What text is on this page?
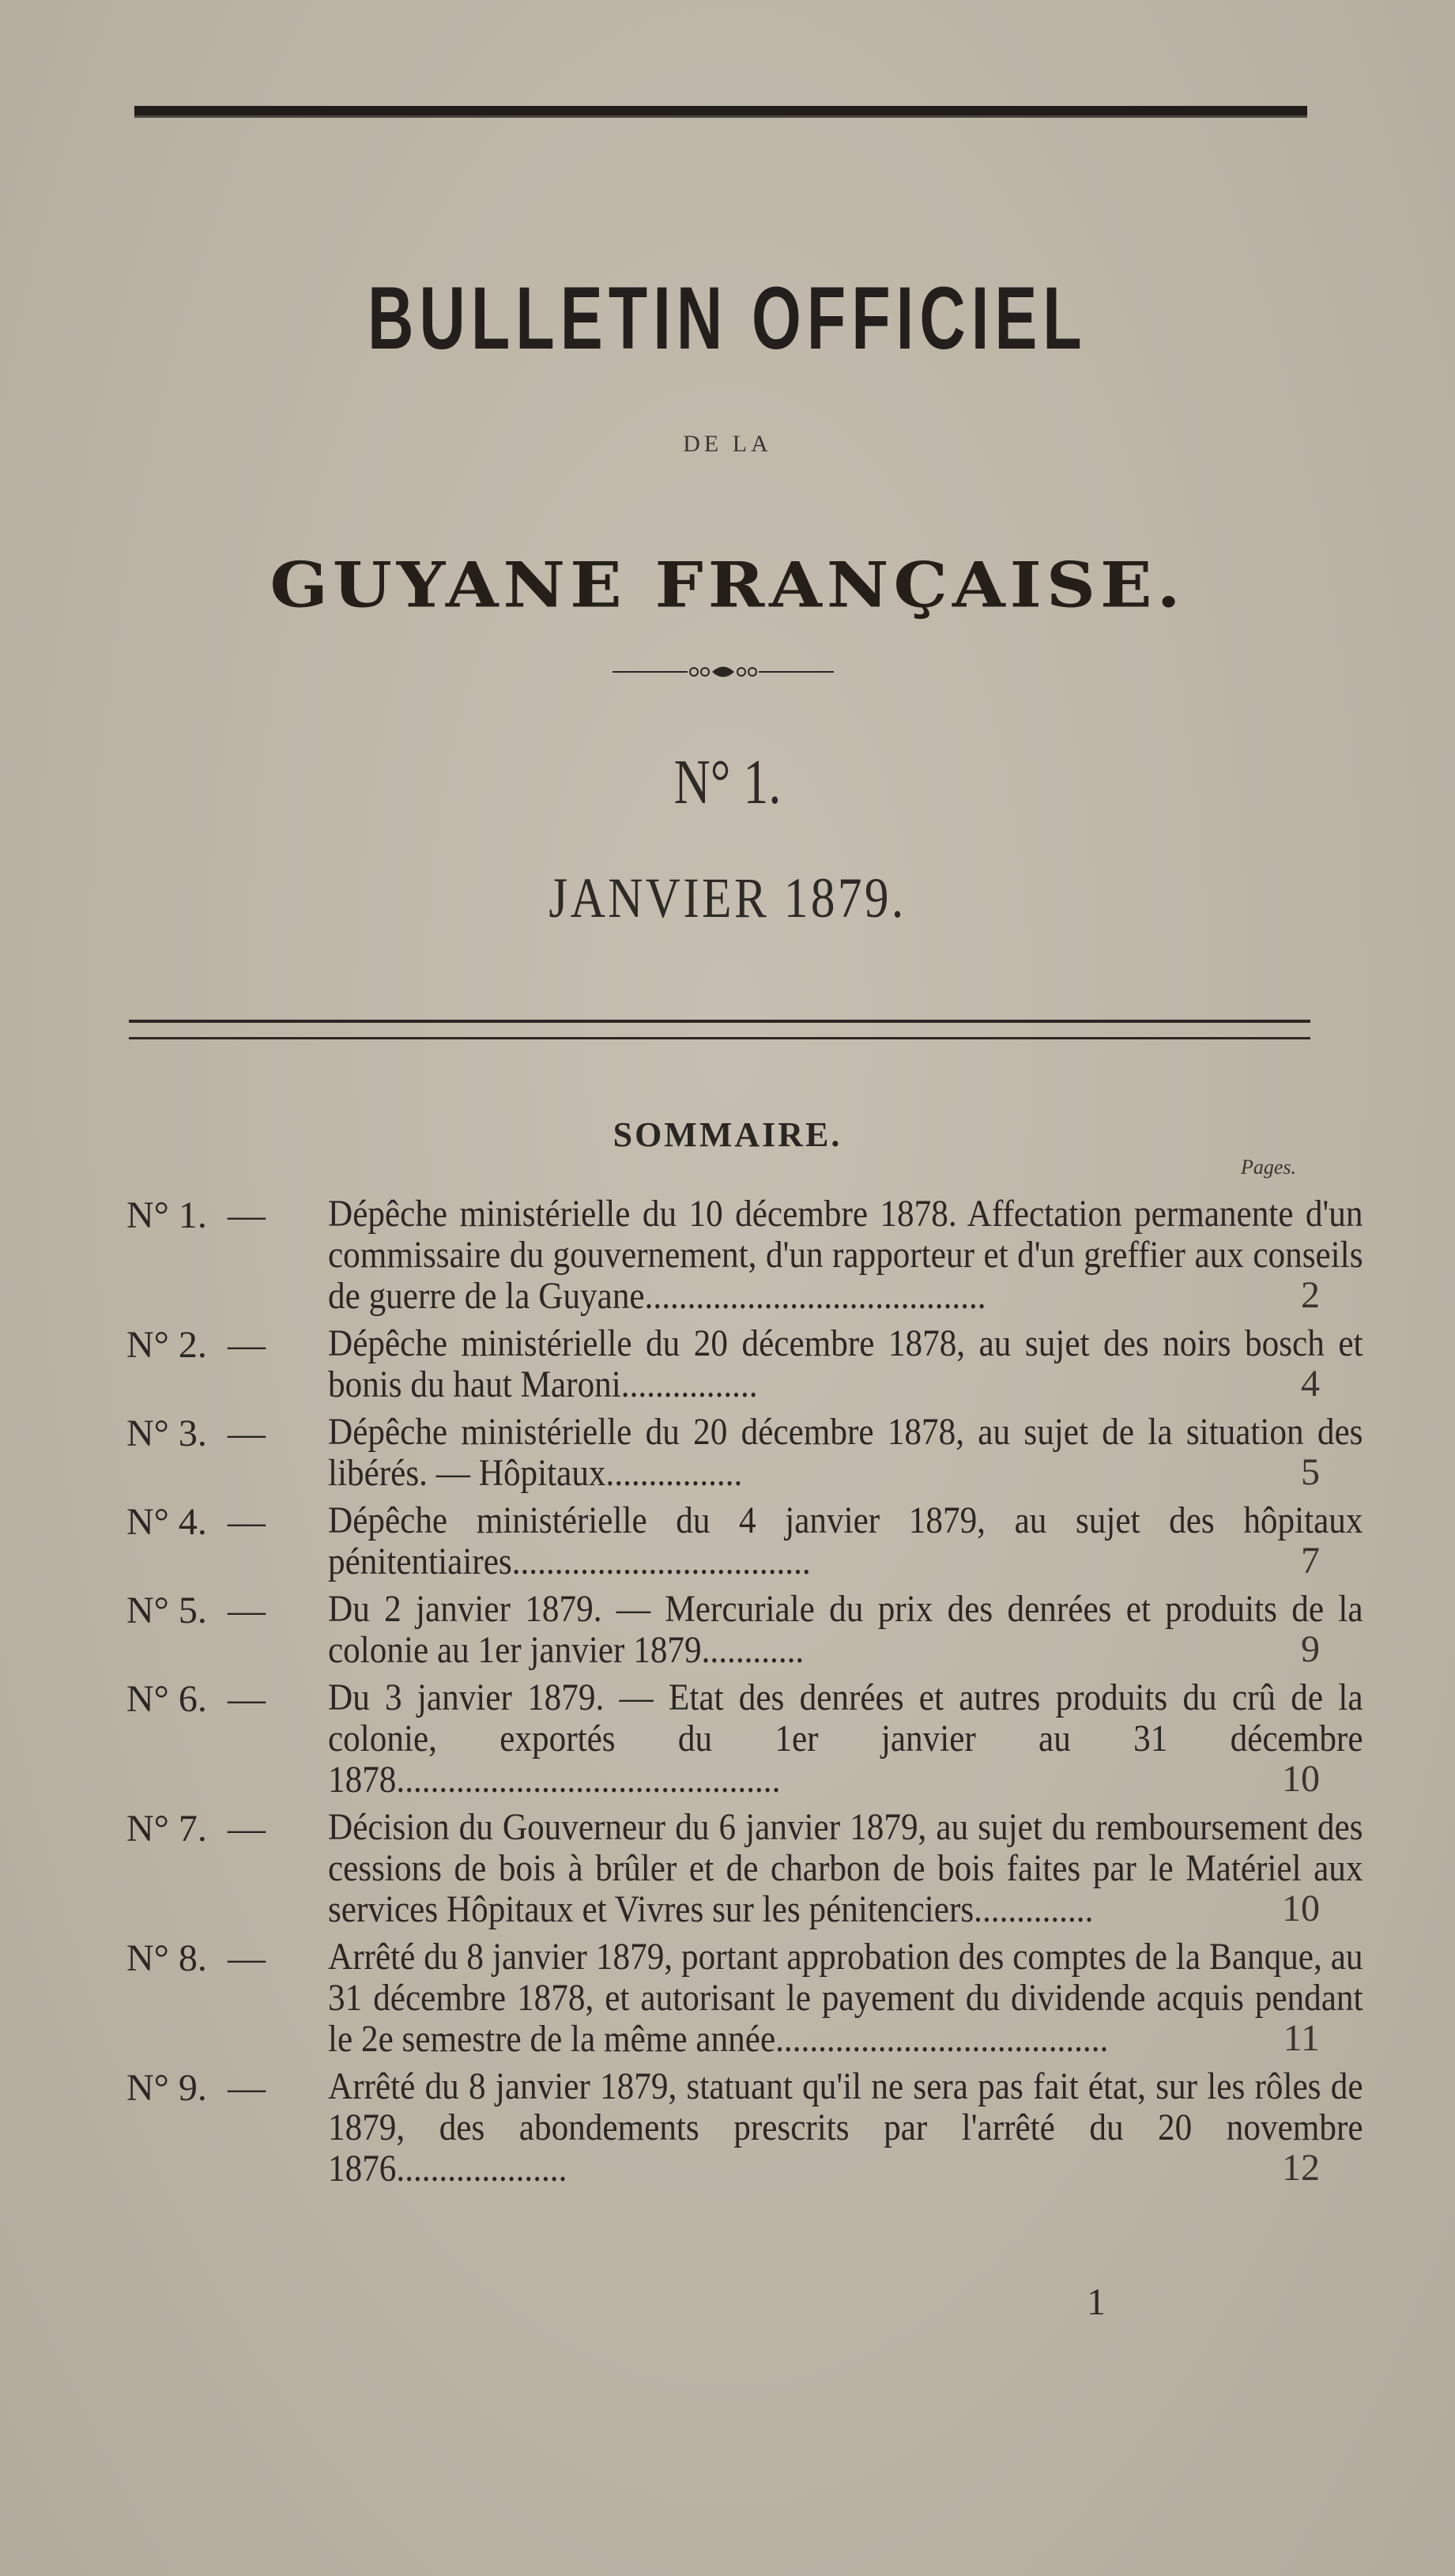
BULLETIN OFFICIEL
DE LA
GUYANE FRANÇAISE.
N° 1.
JANVIER 1879.
SOMMAIRE.
Pages.
N° 1. — Dépêche ministérielle du 10 décembre 1878. Affectation permanente d'un commissaire du gouvernement, d'un rapporteur et d'un greffier aux conseils de guerre de la Guyane........................................	2
N° 2. — Dépêche ministérielle du 20 décembre 1878, au sujet des noirs bosch et bonis du haut Maroni................	4
N° 3. — Dépêche ministérielle du 20 décembre 1878, au sujet de la situation des libérés. — Hôpitaux................	5
N° 4. — Dépêche ministérielle du 4 janvier 1879, au sujet des hôpitaux pénitentiaires...................................	7
N° 5. — Du 2 janvier 1879. — Mercuriale du prix des denrées et produits de la colonie au 1er janvier 1879............	9
N° 6. — Du 3 janvier 1879. — Etat des denrées et autres produits du crû de la colonie, exportés du 1er janvier au 31 décembre 1878.............................................	10
N° 7. — Décision du Gouverneur du 6 janvier 1879, au sujet du remboursement des cessions de bois à brûler et de charbon de bois faites par le Matériel aux services Hôpitaux et Vivres sur les pénitenciers..............	10
N° 8. — Arrêté du 8 janvier 1879, portant approbation des comptes de la Banque, au 31 décembre 1878, et autorisant le payement du dividende acquis pendant le 2e semestre de la même année.......................................	11
N° 9. — Arrêté du 8 janvier 1879, statuant qu'il ne sera pas fait état, sur les rôles de 1879, des abondements prescrits par l'arrêté du 20 novembre 1876....................	12
1
